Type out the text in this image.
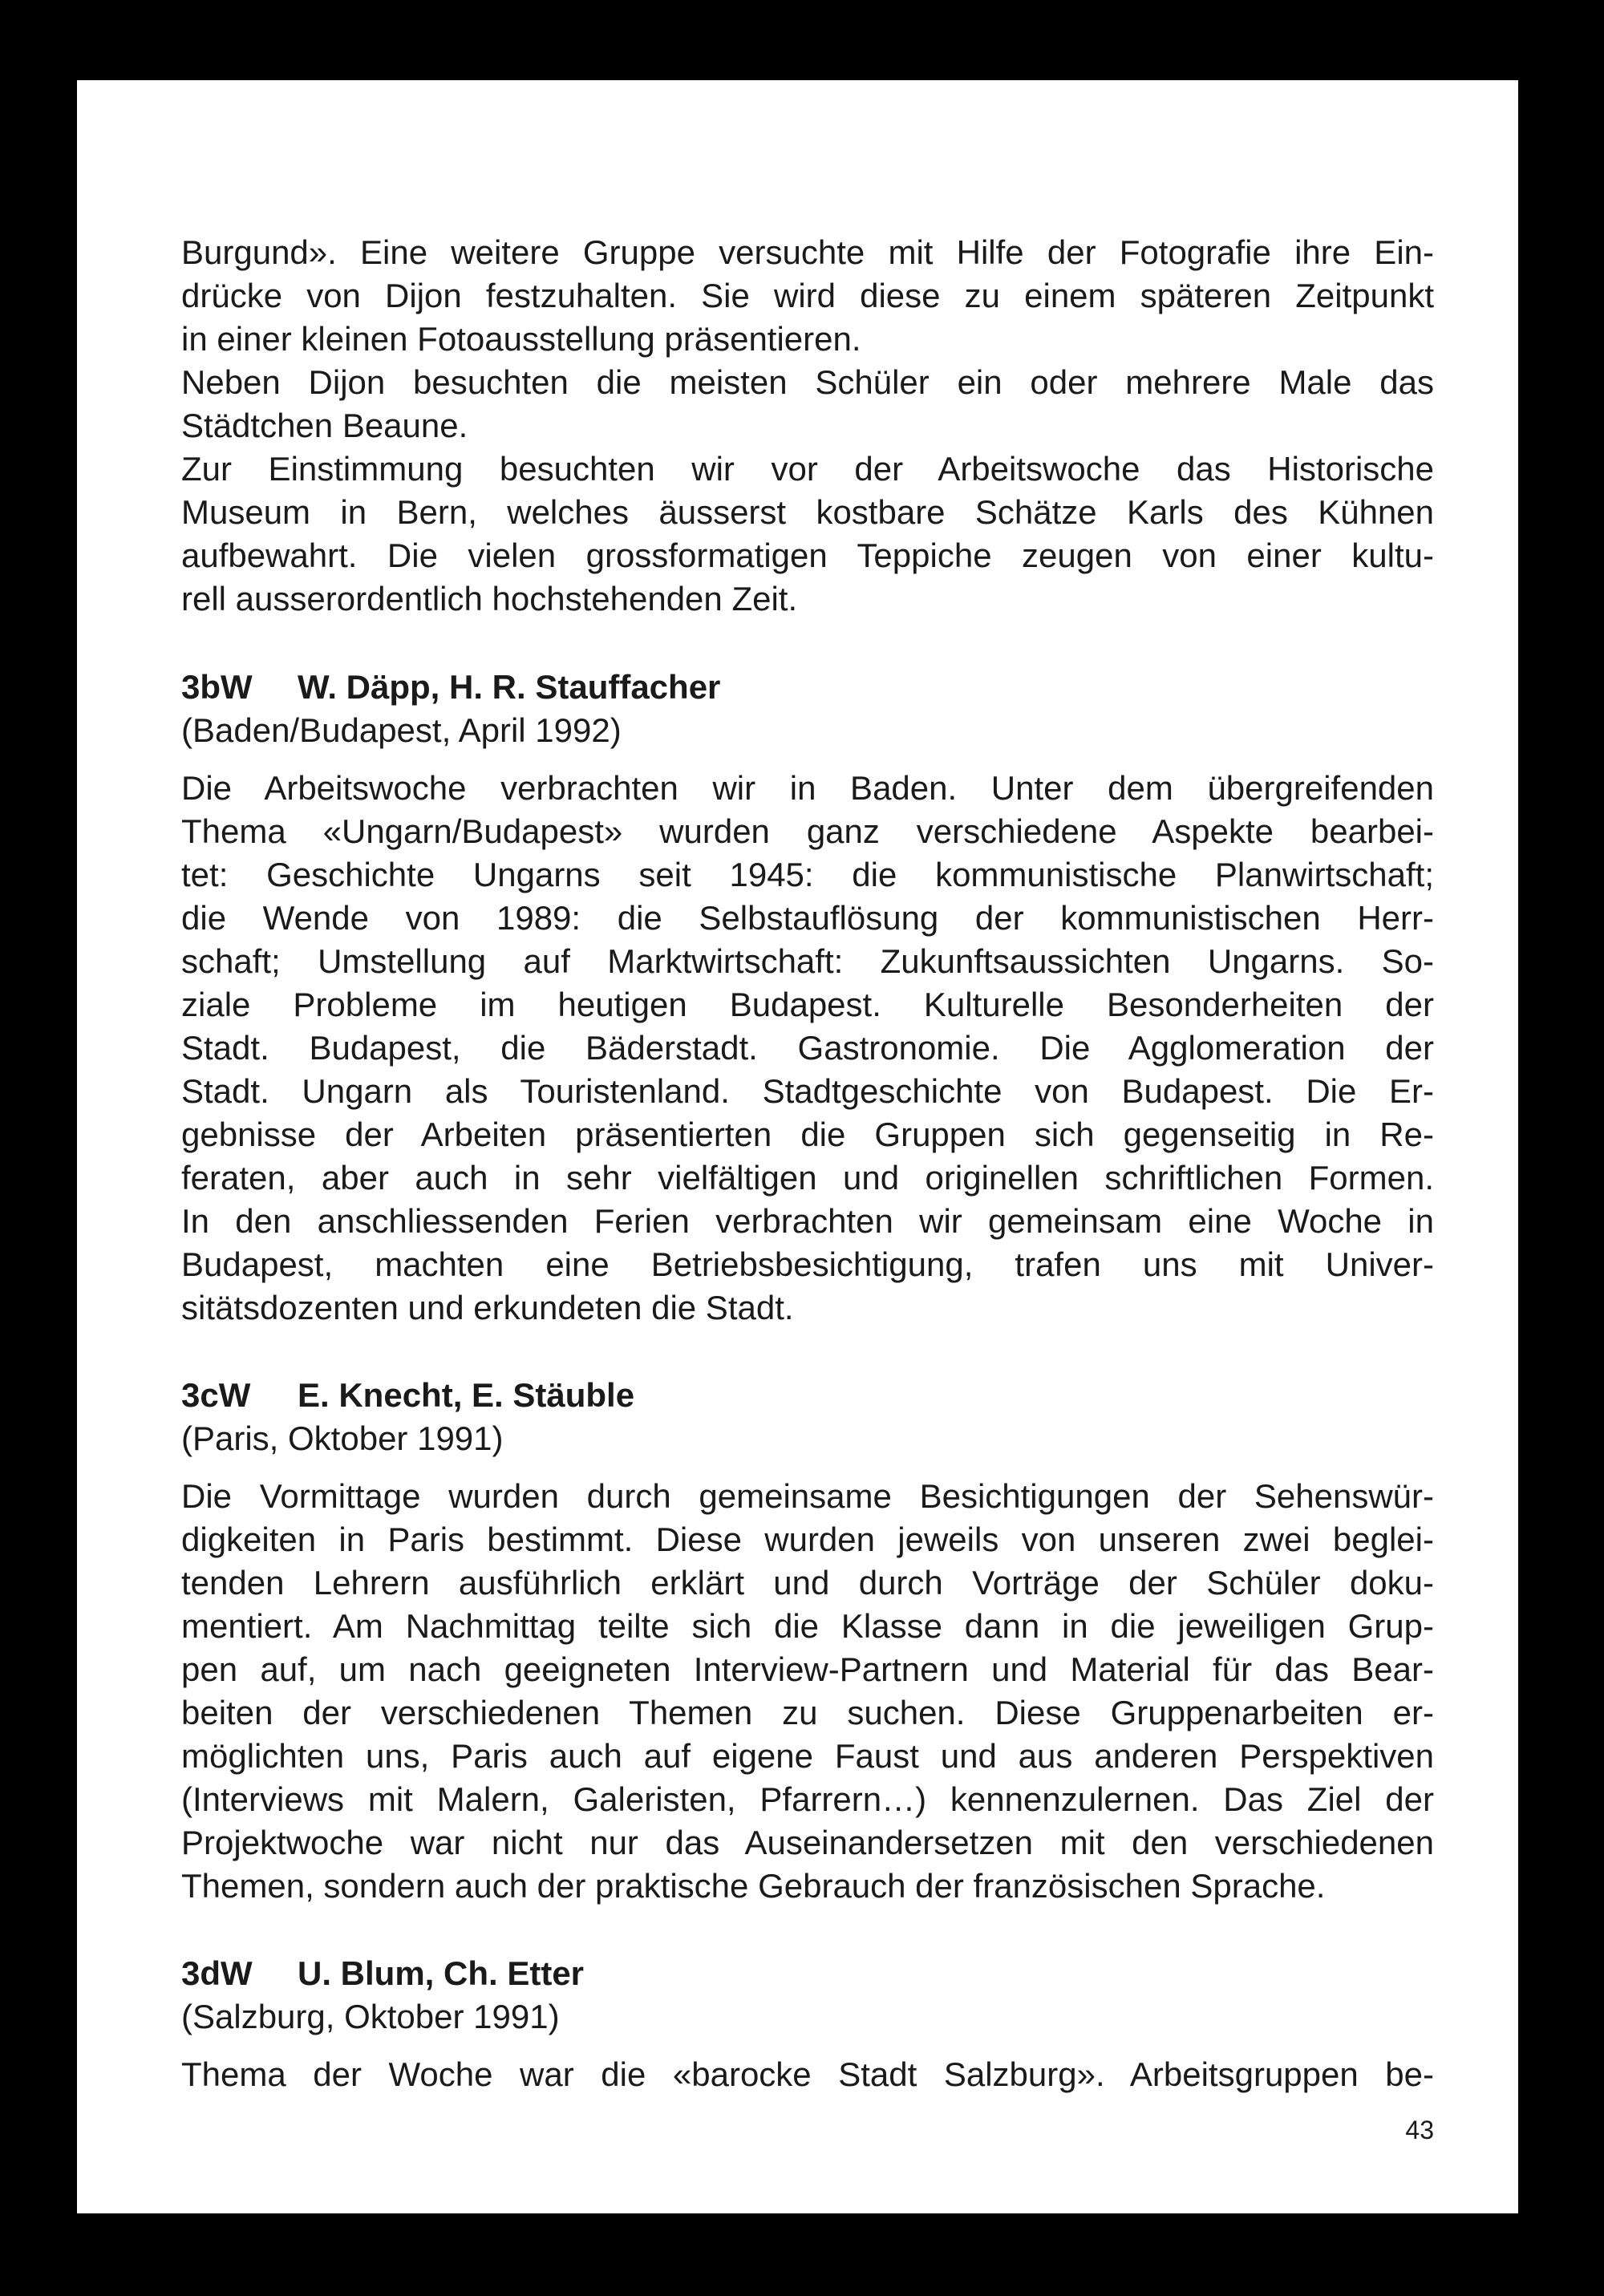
Burgund». Eine weitere Gruppe versuchte mit Hilfe der Fotografie ihre Ein-
drücke von Dijon festzuhalten. Sie wird diese zu einem späteren Zeitpunkt
in einer kleinen Fotoausstellung präsentieren.
Neben Dijon besuchten die meisten Schüler ein oder mehrere Male das
Städtchen Beaune.
Zur Einstimmung besuchten wir vor der Arbeitswoche das Historische
Museum in Bern, welches äusserst kostbare Schätze Karls des Kühnen
aufbewahrt. Die vielen grossformatigen Teppiche zeugen von einer kultu-
rell ausserordentlich hochstehenden Zeit.

3bW W. Däpp, H. R. Stauffacher

(Baden/Budapest, April 1992)

Die Arbeitswoche verbrachten wir in Baden. Unter dem übergreifenden
Thema «Ungarn/Budapest» wurden ganz verschiedene Aspekte bearbei-
tet: Geschichte Ungarns seit 1945: die kommunistische Planwirtschaft;
die Wende von 1989: die Selbstauflösung der kommunistischen Herr-
schaft; Umstellung auf Marktwirtschaft: Zukunftsaussichten Ungarns. So-
ziale Probleme im heutigen Budapest. Kulturelle Besonderheiten der
Stadt. Budapest, die Bäderstadt. Gastronomie. Die Agglomeration der
Stadt. Ungarn als Touristenland. Stadtgeschichte von Budapest. Die Er-
gebnisse der Arbeiten präsentierten die Gruppen sich gegenseitig in Re-
feraten, aber auch in sehr vielfältigen und originellen schriftlichen Formen.
In den anschliessenden Ferien verbrachten wir gemeinsam eine Woche in
Budapest, machten eine Betriebsbesichtigung, trafen uns mit Univer-
sitätsdozenten und erkundeten die Stadt.

3cW E. Knecht, E. Stäuble

(Paris, Oktober 1991)

Die Vormittage wurden durch gemeinsame Besichtigungen der Sehenswür-
digkeiten in Paris bestimmt. Diese wurden jeweils von unseren zwei beglei-
tenden Lehrern ausführlich erklärt und durch Vorträge der Schüler doku-
mentiert. Am Nachmittag teilte sich die Klasse dann in die jeweiligen Grup-
pen auf, um nach geeigneten Interview-Partnern und Material für das Bear-
beiten der verschiedenen Themen zu suchen. Diese Gruppenarbeiten er-
möglichten uns, Paris auch auf eigene Faust und aus anderen Perspektiven
(Interviews mit Malern, Galeristen, Pfarrern…) kennenzulernen. Das Ziel der
Projektwoche war nicht nur das Auseinandersetzen mit den verschiedenen
Themen, sondern auch der praktische Gebrauch der französischen Sprache.

3dW U. Blum, Ch. Etter

(Salzburg, Oktober 1991)

Thema der Woche war die «barocke Stadt Salzburg». Arbeitsgruppen be-
43
